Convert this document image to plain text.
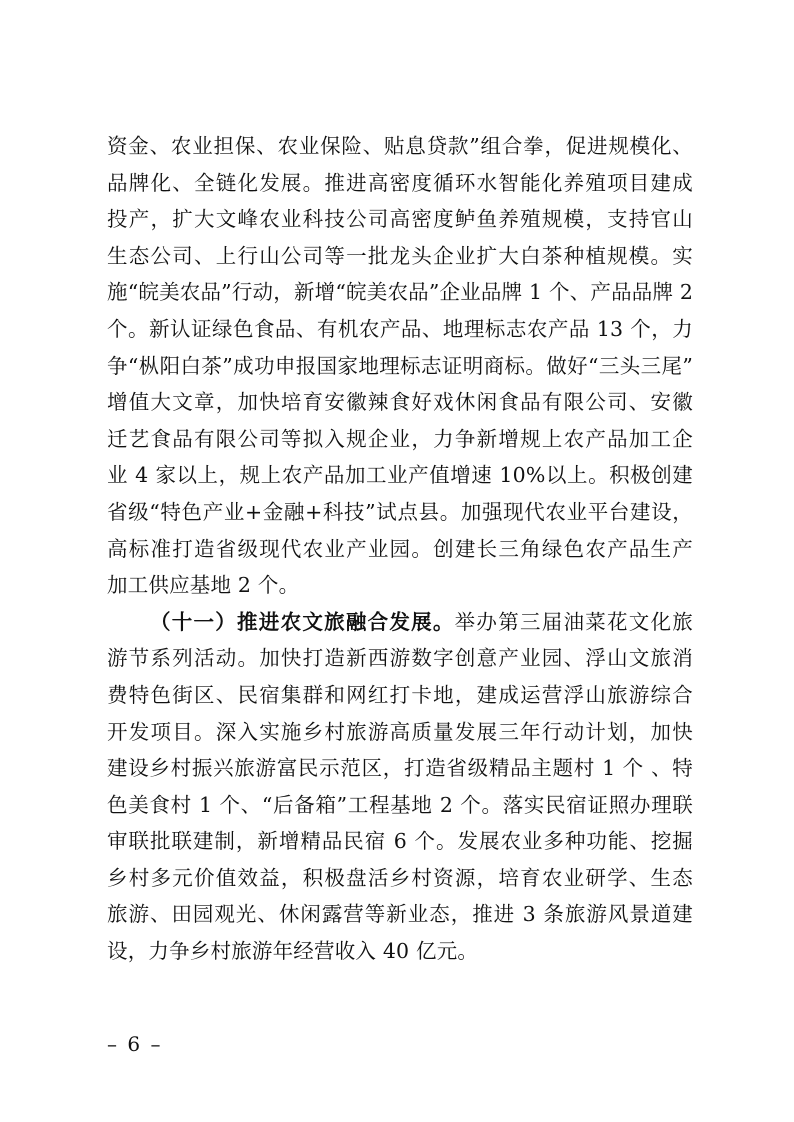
资金、农业担保、农业保险、贴息贷款”组合拳，促进规模化、
品牌化、全链化发展。推进高密度循环水智能化养殖项目建成
投产，扩大文峰农业科技公司高密度鲈鱼养殖规模，支持官山
生态公司、上行山公司等一批龙头企业扩大白茶种植规模。实
施“皖美农品”行动，新增“皖美农品”企业品牌 1 个、产品品牌 2
个。新认证绿色食品、有机农产品、地理标志农产品 13 个，力
争“枞阳白茶”成功申报国家地理标志证明商标。做好“三头三尾”
增值大文章，加快培育安徽辣食好戏休闲食品有限公司、安徽
迁艺食品有限公司等拟入规企业，力争新增规上农产品加工企
业 4 家以上，规上农产品加工业产值增速 10%以上。积极创建
省级“特色产业+金融+科技”试点县。加强现代农业平台建设，
高标准打造省级现代农业产业园。创建长三角绿色农产品生产
加工供应基地 2 个。
（十一）推进农文旅融合发展。举办第三届油菜花文化旅
游节系列活动。加快打造新西游数字创意产业园、浮山文旅消
费特色街区、民宿集群和网红打卡地，建成运营浮山旅游综合
开发项目。深入实施乡村旅游高质量发展三年行动计划，加快
建设乡村振兴旅游富民示范区，打造省级精品主题村 1 个 、特
色美食村 1 个、“后备箱”工程基地 2 个。落实民宿证照办理联
审联批联建制，新增精品民宿 6 个。发展农业多种功能、挖掘
乡村多元价值效益，积极盘活乡村资源，培育农业研学、生态
旅游、田园观光、休闲露营等新业态，推进 3 条旅游风景道建
设，力争乡村旅游年经营收入 40 亿元。
– 6 –
